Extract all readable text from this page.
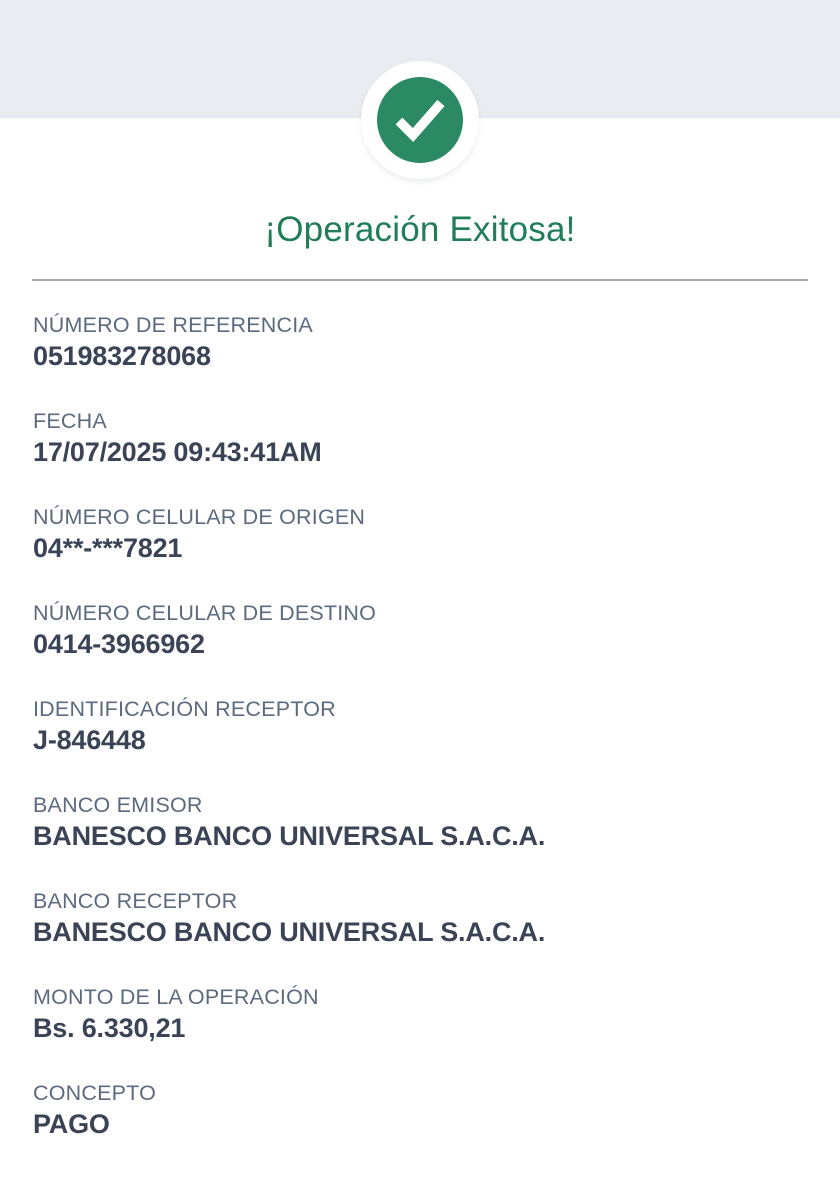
¡Operación Exitosa!
NÚMERO DE REFERENCIA
051983278068
FECHA
17/07/2025 09:43:41AM
NÚMERO CELULAR DE ORIGEN
04**-***7821
NÚMERO CELULAR DE DESTINO
0414-3966962
IDENTIFICACIÓN RECEPTOR
J-846448
BANCO EMISOR
BANESCO BANCO UNIVERSAL S.A.C.A.
BANCO RECEPTOR
BANESCO BANCO UNIVERSAL S.A.C.A.
MONTO DE LA OPERACIÓN
Bs. 6.330,21
CONCEPTO
PAGO
